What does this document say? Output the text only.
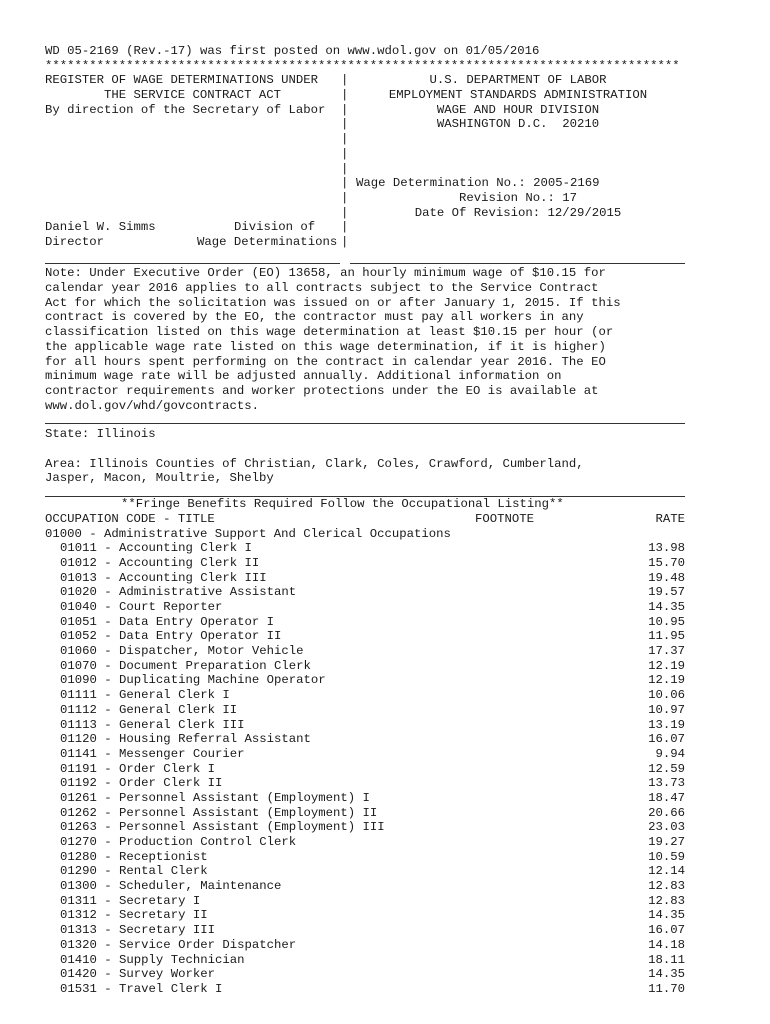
WD 05-2169 (Rev.-17) was first posted on www.wdol.gov on 01/05/2016
**************************************************************************************
REGISTER OF WAGE DETERMINATIONS UNDER
THE SERVICE CONTRACT ACT
By direction of the Secretary of Labor
|
|
|
|
|
|
|
|
|
|
|
|
U.S. DEPARTMENT OF LABOR
EMPLOYMENT STANDARDS ADMINISTRATION
WAGE AND HOUR DIVISION
WASHINGTON D.C.  20210
Wage Determination No.: 2005-2169
Revision No.: 17
Date Of Revision: 12/29/2015
Daniel W. Simms	Division of
Director	Wage Determinations
Note: Under Executive Order (EO) 13658, an hourly minimum wage of $10.15 for
calendar year 2016 applies to all contracts subject to the Service Contract
Act for which the solicitation was issued on or after January 1, 2015. If this
contract is covered by the EO, the contractor must pay all workers in any
classification listed on this wage determination at least $10.15 per hour (or
the applicable wage rate listed on this wage determination, if it is higher)
for all hours spent performing on the contract in calendar year 2016. The EO
minimum wage rate will be adjusted annually. Additional information on
contractor requirements and worker protections under the EO is available at
www.dol.gov/whd/govcontracts.
State: Illinois
Area: Illinois Counties of Christian, Clark, Coles, Crawford, Cumberland,
Jasper, Macon, Moultrie, Shelby
**Fringe Benefits Required Follow the Occupational Listing**
OCCUPATION CODE - TITLE	FOOTNOTE	RATE
01000 - Administrative Support And Clerical Occupations
01011 - Accounting Clerk I	13.98
01012 - Accounting Clerk II	15.70
01013 - Accounting Clerk III	19.48
01020 - Administrative Assistant	19.57
01040 - Court Reporter	14.35
01051 - Data Entry Operator I	10.95
01052 - Data Entry Operator II	11.95
01060 - Dispatcher, Motor Vehicle	17.37
01070 - Document Preparation Clerk	12.19
01090 - Duplicating Machine Operator	12.19
01111 - General Clerk I	10.06
01112 - General Clerk II	10.97
01113 - General Clerk III	13.19
01120 - Housing Referral Assistant	16.07
01141 - Messenger Courier	9.94
01191 - Order Clerk I	12.59
01192 - Order Clerk II	13.73
01261 - Personnel Assistant (Employment) I	18.47
01262 - Personnel Assistant (Employment) II	20.66
01263 - Personnel Assistant (Employment) III	23.03
01270 - Production Control Clerk	19.27
01280 - Receptionist	10.59
01290 - Rental Clerk	12.14
01300 - Scheduler, Maintenance	12.83
01311 - Secretary I	12.83
01312 - Secretary II	14.35
01313 - Secretary III	16.07
01320 - Service Order Dispatcher	14.18
01410 - Supply Technician	18.11
01420 - Survey Worker	14.35
01531 - Travel Clerk I	11.70
